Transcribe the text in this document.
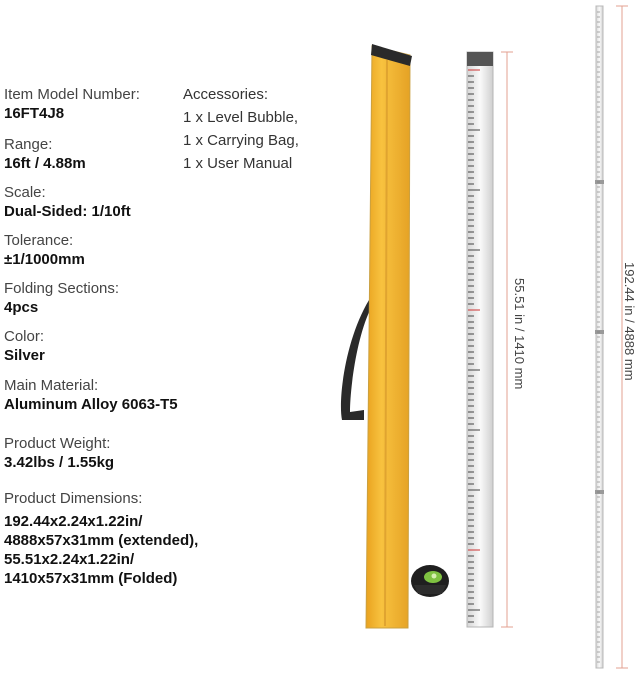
Item Model Number:
16FT4J8
Range:
16ft / 4.88m
Scale:
Dual-Sided: 1/10ft
Tolerance:
±1/1000mm
Folding Sections:
4pcs
Color:
Silver
Main Material:
Aluminum Alloy 6063-T5
Product Weight:
3.42lbs / 1.55kg
Product Dimensions:
192.44x2.24x1.22in/
4888x57x31mm (extended),
55.51x2.24x1.22in/
1410x57x31mm (Folded)
Accessories:
1 x Level Bubble,
1 x Carrying Bag,
1 x User Manual
55.51 in / 1410 mm	192.44 in / 4888 mm
